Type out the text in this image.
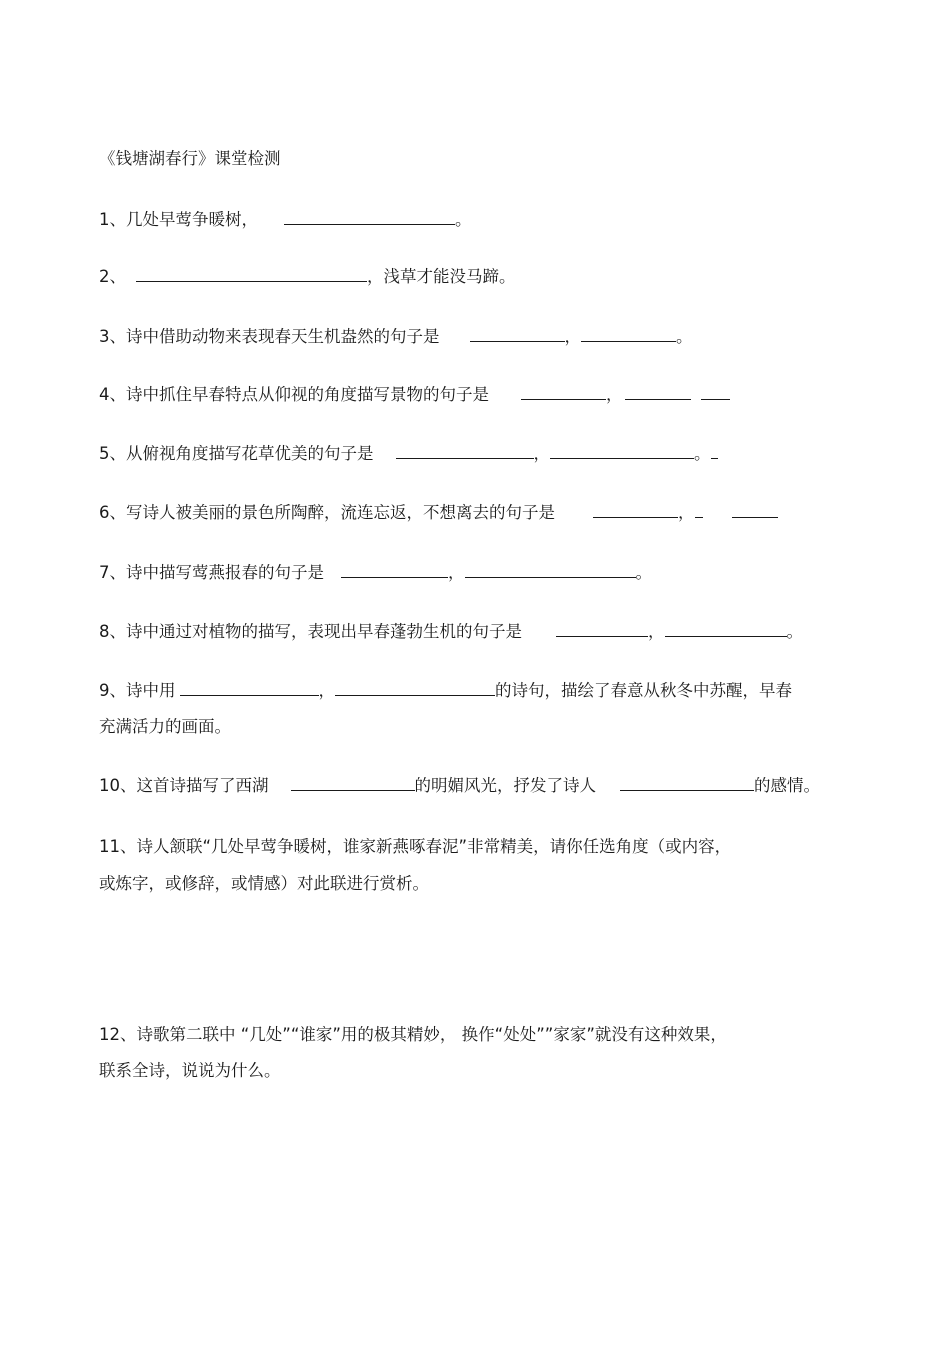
《钱塘湖春行》课堂检测
1、几处早莺争暖树，	。
2、	，浅草才能没马蹄。
3、诗中借助动物来表现春天生机盎然的句子是	，	。
4、诗中抓住早春特点从仰视的角度描写景物的句子是	，
5、从俯视角度描写花草优美的句子是	，	。
6、写诗人被美丽的景色所陶醉，流连忘返，不想离去的句子是	，
7、诗中描写莺燕报春的句子是	，	。
8、诗中通过对植物的描写，表现出早春蓬勃生机的句子是	，	。
9、诗中用	，	的诗句，描绘了春意从秋冬中苏醒，早春
充满活力的画面。
10、这首诗描写了西湖	的明媚风光，抒发了诗人	的感情。
11、诗人颔联“几处早莺争暖树，谁家新燕啄春泥”非常精美，请你任选角度（或内容，
或炼字，或修辞，或情感）对此联进行赏析。
12、诗歌第二联中 “几处”“谁家”用的极其精妙， 换作“处处””家家”就没有这种效果，
联系全诗，说说为什么。
